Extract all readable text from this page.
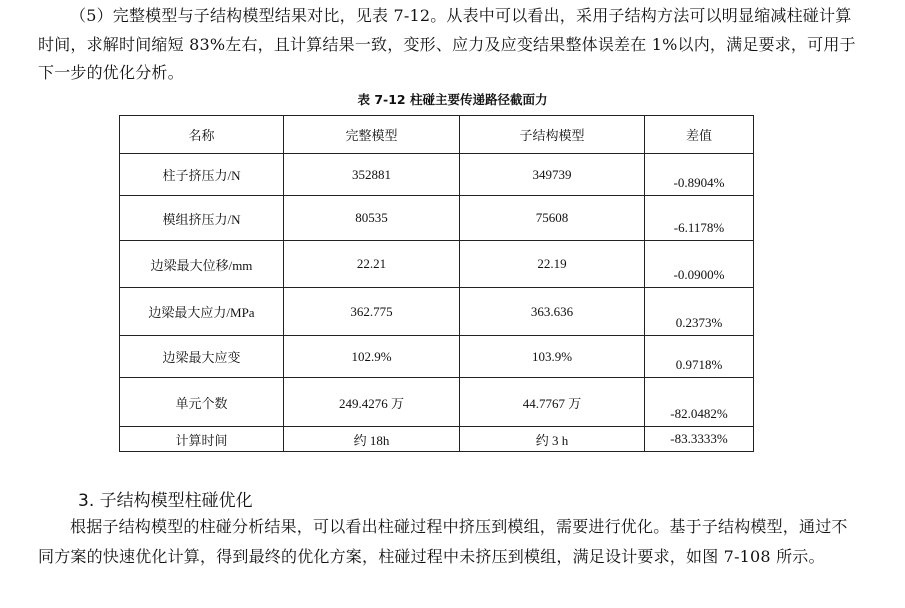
（5）完整模型与子结构模型结果对比，见表 7-12。从表中可以看出，采用子结构方法可以明显缩减柱碰计算时间，求解时间缩短 83%左右，且计算结果一致，变形、应力及应变结果整体误差在 1%以内，满足要求，可用于下一步的优化分析。
表 7-12 柱碰主要传递路径截面力
名称	完整模型	子结构模型	差值
柱子挤压力/N	352881	349739	-0.8904%
模组挤压力/N	80535	75608	-6.1178%
边梁最大位移/mm	22.21	22.19	-0.0900%
边梁最大应力/MPa	362.775	363.636	0.2373%
边梁最大应变	102.9%	103.9%	0.9718%
单元个数	249.4276 万	44.7767 万	-82.0482%
计算时间	约 18h	约 3 h	-83.3333%
3. 子结构模型柱碰优化
根据子结构模型的柱碰分析结果，可以看出柱碰过程中挤压到模组，需要进行优化。基于子结构模型，通过不同方案的快速优化计算，得到最终的优化方案，柱碰过程中未挤压到模组，满足设计要求，如图 7-108 所示。
